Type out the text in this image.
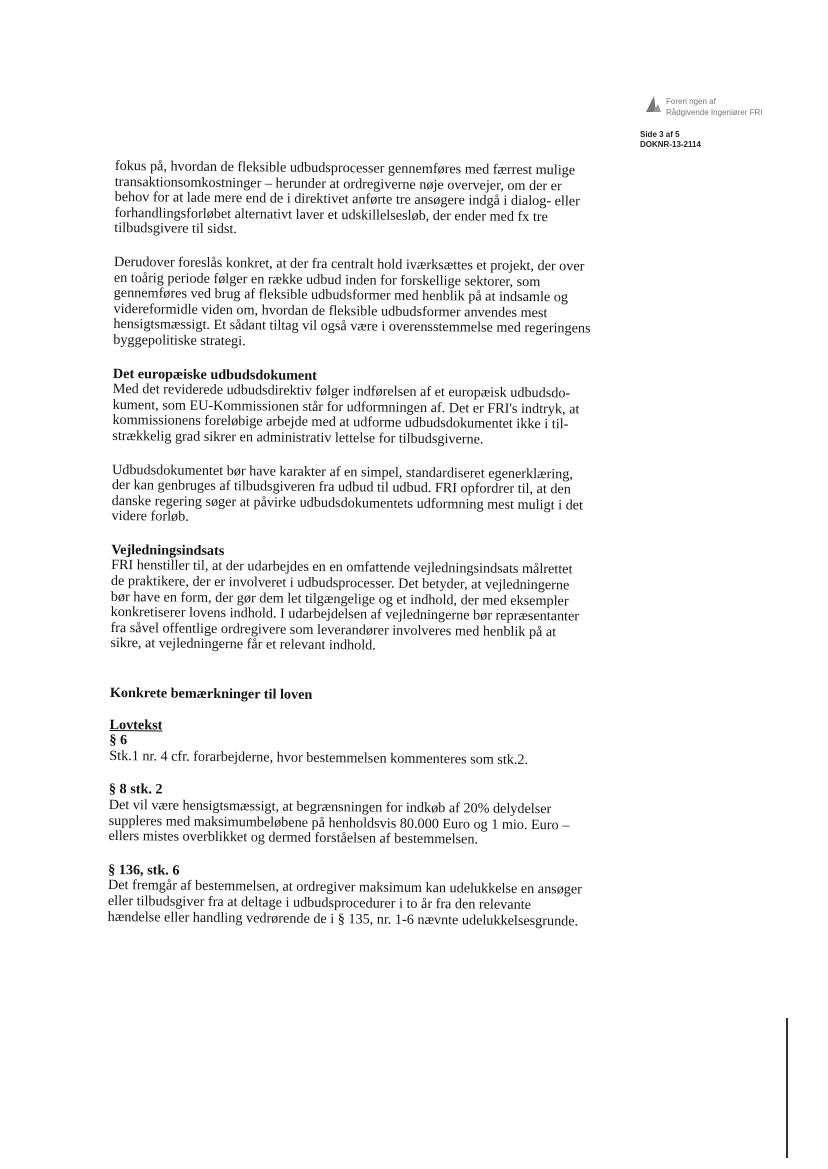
Foren ngen af
Rådgivende Ingeniører FRI
Side 3 af 5
DOKNR-13-2114

fokus på, hvordan de fleksible udbudsprocesser gennemføres med færrest mulige
transaktionsomkostninger – herunder at ordregiverne nøje overvejer, om der er
behov for at lade mere end de i direktivet anførte tre ansøgere indgå i dialog- eller
forhandlingsforløbet alternativt laver et udskillelsesløb, der ender med fx tre
tilbudsgivere til sidst.

Derudover foreslås konkret, at der fra centralt hold iværksættes et projekt, der over
en toårig periode følger en række udbud inden for forskellige sektorer, som
gennemføres ved brug af fleksible udbudsformer med henblik på at indsamle og
videreformidle viden om, hvordan de fleksible udbudsformer anvendes mest
hensigtsmæssigt. Et sådant tiltag vil også være i overensstemmelse med regeringens
byggepolitiske strategi.

Det europæiske udbudsdokument
Med det reviderede udbudsdirektiv følger indførelsen af et europæisk udbudsdo-
kument, som EU-Kommissionen står for udformningen af. Det er FRI's indtryk, at
kommissionens foreløbige arbejde med at udforme udbudsdokumentet ikke i til-
strækkelig grad sikrer en administrativ lettelse for tilbudsgiverne.

Udbudsdokumentet bør have karakter af en simpel, standardiseret egenerklæring,
der kan genbruges af tilbudsgiveren fra udbud til udbud. FRI opfordrer til, at den
danske regering søger at påvirke udbudsdokumentets udformning mest muligt i det
videre forløb.

Vejledningsindsats
FRI henstiller til, at der udarbejdes en en omfattende vejledningsindsats målrettet
de praktikere, der er involveret i udbudsprocesser. Det betyder, at vejledningerne
bør have en form, der gør dem let tilgængelige og et indhold, der med eksempler
konkretiserer lovens indhold. I udarbejdelsen af vejledningerne bør repræsentanter
fra såvel offentlige ordregivere som leverandører involveres med henblik på at
sikre, at vejledningerne får et relevant indhold.

Konkrete bemærkninger til loven

Lovtekst
§ 6
Stk.1 nr. 4 cfr. forarbejderne, hvor bestemmelsen kommenteres som stk.2.

§ 8 stk. 2
Det vil være hensigtsmæssigt, at begrænsningen for indkøb af 20% delydelser
suppleres med maksimumbeløbene på henholdsvis 80.000 Euro og 1 mio. Euro –
ellers mistes overblikket og dermed forståelsen af bestemmelsen.

§ 136, stk. 6
Det fremgår af bestemmelsen, at ordregiver maksimum kan udelukkelse en ansøger
eller tilbudsgiver fra at deltage i udbudsprocedurer i to år fra den relevante
hændelse eller handling vedrørende de i § 135, nr. 1-6 nævnte udelukkelsesgrunde.
